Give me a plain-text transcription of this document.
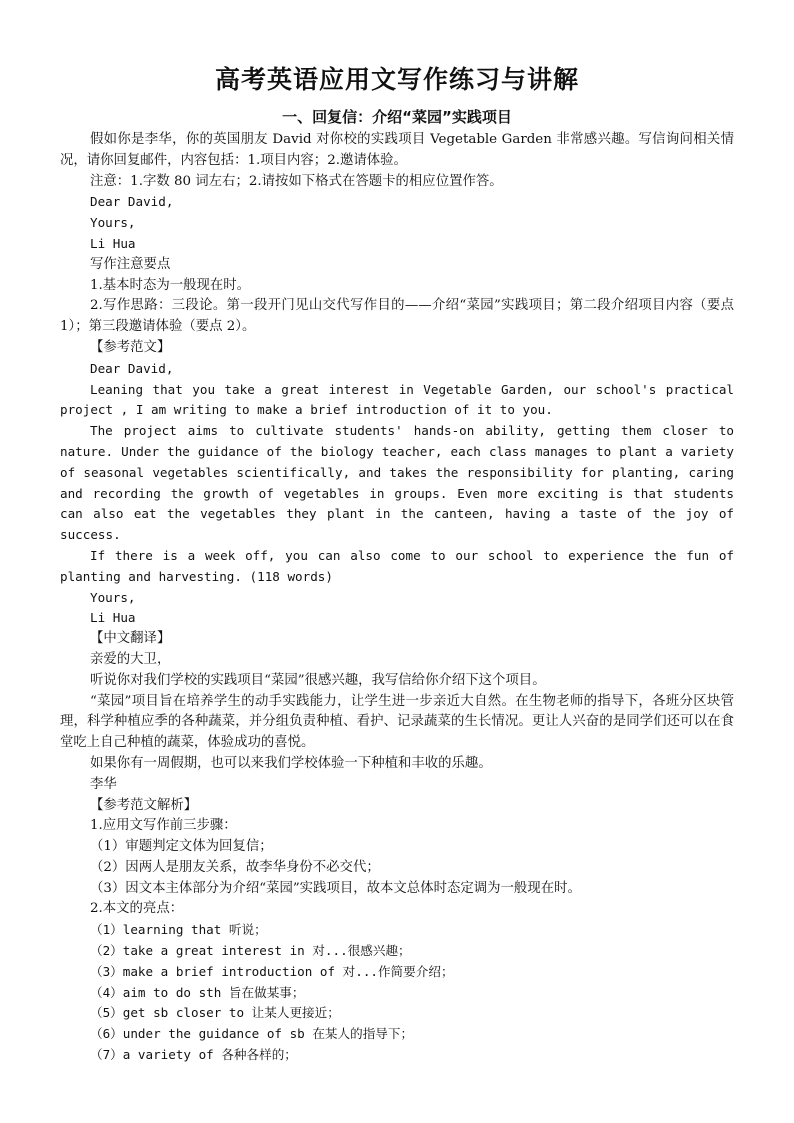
高考英语应用文写作练习与讲解
一、回复信：介绍“菜园”实践项目

假如你是李华，你的英国朋友 David 对你校的实践项目 Vegetable Garden 非常感兴趣。写信询问相关情况，请你回复邮件，内容包括：1.项目内容；2.邀请体验。

注意：1.字数 80 词左右；2.请按如下格式在答题卡的相应位置作答。

Dear David,

Yours,

Li Hua

写作注意要点

1.基本时态为一般现在时。

2.写作思路：三段论。第一段开门见山交代写作目的——介绍“菜园”实践项目；第二段介绍项目内容（要点 1）；第三段邀请体验（要点 2）。

【参考范文】

Dear David,

Leaning that you take a great interest in Vegetable Garden, our school's practical project , I am writing to make a brief introduction of it to you.

The project aims to cultivate students' hands-on ability, getting them closer to nature. Under the guidance of the biology teacher, each class manages to plant a variety of seasonal vegetables scientifically, and takes the responsibility for planting, caring and recording the growth of vegetables in groups. Even more exciting is that students can also eat the vegetables they plant in the canteen, having a taste of the joy of success.

If there is a week off, you can also come to our school to experience the fun of planting and harvesting. (118 words)

Yours,

Li Hua

【中文翻译】

亲爱的大卫，

听说你对我们学校的实践项目“菜园”很感兴趣，我写信给你介绍下这个项目。

“菜园”项目旨在培养学生的动手实践能力，让学生进一步亲近大自然。在生物老师的指导下，各班分区块管理，科学种植应季的各种蔬菜，并分组负责种植、看护、记录蔬菜的生长情况。更让人兴奋的是同学们还可以在食堂吃上自己种植的蔬菜，体验成功的喜悦。

如果你有一周假期，也可以来我们学校体验一下种植和丰收的乐趣。

李华

【参考范文解析】

1.应用文写作前三步骤：

（1）审题判定文体为回复信；

（2）因两人是朋友关系，故李华身份不必交代；

（3）因文本主体部分为介绍“菜园”实践项目，故本文总体时态定调为一般现在时。

2.本文的亮点：

（1）learning that 听说；

（2）take a great interest in 对...很感兴趣；

（3）make a brief introduction of 对...作简要介绍；

（4）aim to do sth 旨在做某事；

（5）get sb closer to 让某人更接近；

（6）under the guidance of sb 在某人的指导下；

（7）a variety of 各种各样的；
